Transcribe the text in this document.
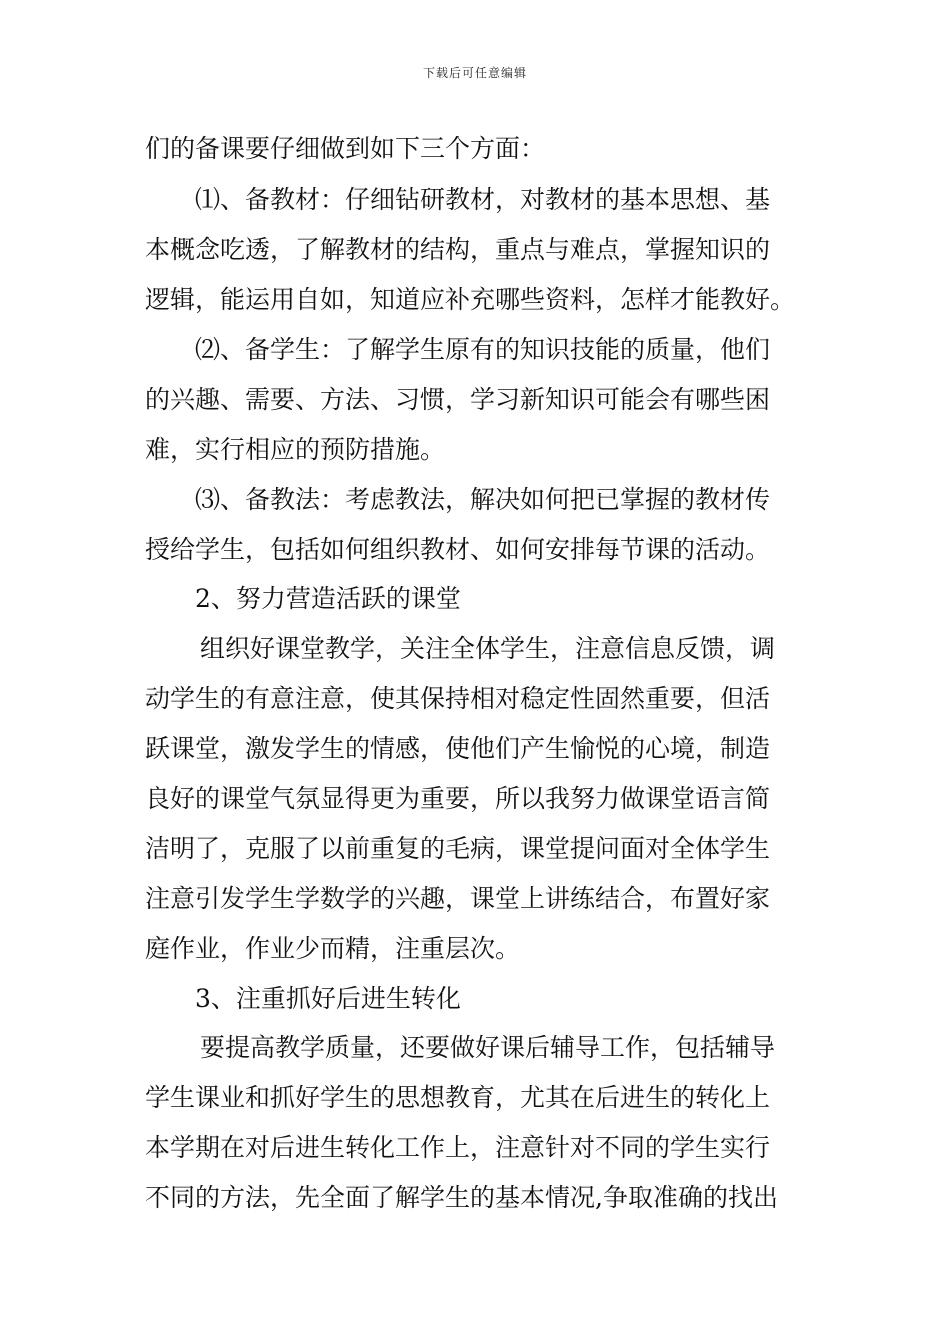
下载后可任意编辑
们的备课要仔细做到如下三个方面：
⑴、备教材：仔细钻研教材，对教材的基本思想、基
本概念吃透，了解教材的结构，重点与难点，掌握知识的
逻辑，能运用自如，知道应补充哪些资料，怎样才能教好。
⑵、备学生：了解学生原有的知识技能的质量，他们
的兴趣、需要、方法、习惯，学习新知识可能会有哪些困
难，实行相应的预防措施。
⑶、备教法：考虑教法，解决如何把已掌握的教材传
授给学生，包括如何组织教材、如何安排每节课的活动。
2、努力营造活跃的课堂
组织好课堂教学，关注全体学生，注意信息反馈，调
动学生的有意注意，使其保持相对稳定性固然重要，但活
跃课堂，激发学生的情感，使他们产生愉悦的心境，制造
良好的课堂气氛显得更为重要，所以我努力做课堂语言简
洁明了，克服了以前重复的毛病，课堂提问面对全体学生
注意引发学生学数学的兴趣，课堂上讲练结合，布置好家
庭作业，作业少而精，注重层次。
3、注重抓好后进生转化
要提高教学质量，还要做好课后辅导工作，包括辅导
学生课业和抓好学生的思想教育，尤其在后进生的转化上
本学期在对后进生转化工作上，注意针对不同的学生实行
不同的方法，先全面了解学生的基本情况,争取准确的找出
